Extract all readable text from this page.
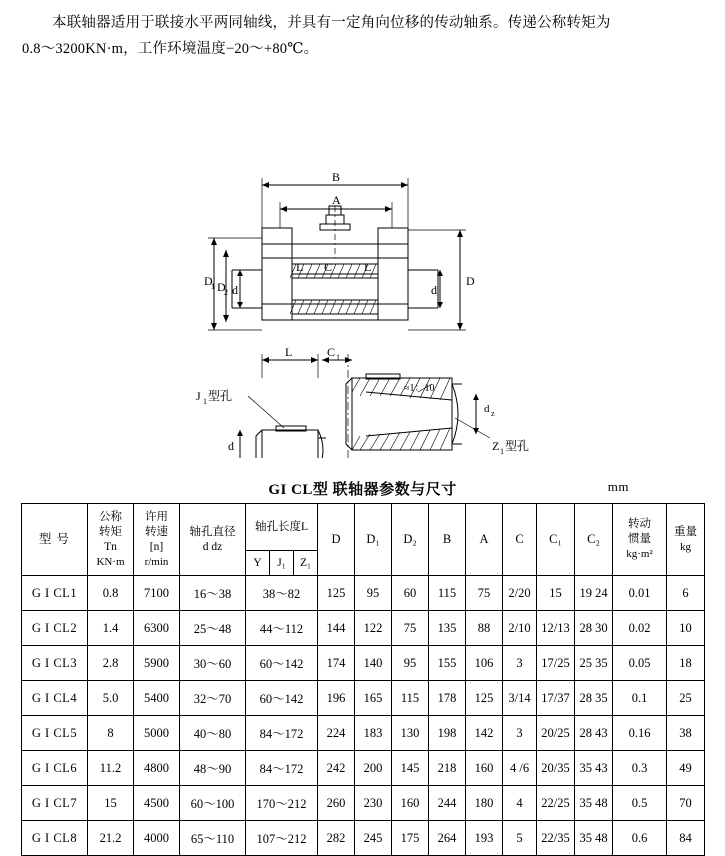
本联轴器适用于联接水平两同轴线，并具有一定角向位移的传动轴系。传递公称转矩为
0.8～3200KN·m，工作环境温度−20～+80℃。
B
A
D
1 D
2 d	d
D
L C	L
L	C 1
≈1：10
d z
d
J 1 型孔
Z 1 型孔
GI CL型 联轴器参数与尺寸	mm
型 号	公称
转矩
Tn
KN·m	许用
转速
[n]
r/min	轴孔直径
d dz	轴孔长度L			D	D₁	D₂	B	A	C	C₁	C₂	转动
惯量
kg·m²	重量
kg

				Y	J₁	Z₁										
G I CL1	0.8	7100	16～38	38～82			125	95	60	115	75	2/20	15	19 24	0.01	6
G I CL2	1.4	6300	25～48	44～112			144	122	75	135	88	2/10	12/13	28 30	0.02	10
G I CL3	2.8	5900	30～60	60～142			174	140	95	155	106	3	17/25	25 35	0.05	18
G I CL4	5.0	5400	32～70	60～142			196	165	115	178	125	3/14	17/37	28 35	0.1	25
G I CL5	8	5000	40～80	84～172			224	183	130	198	142	3	20/25	28 43	0.16	38
G I CL6	11.2	4800	48～90	84～172			242	200	145	218	160	4 /6	20/35	35 43	0.3	49
G I CL7	15	4500	60～100	170～212			260	230	160	244	180	4	22/25	35 48	0.5	70
G I CL8	21.2	4000	65～110	107～212			282	245	175	264	193	5	22/35	35 48	0.6	84
